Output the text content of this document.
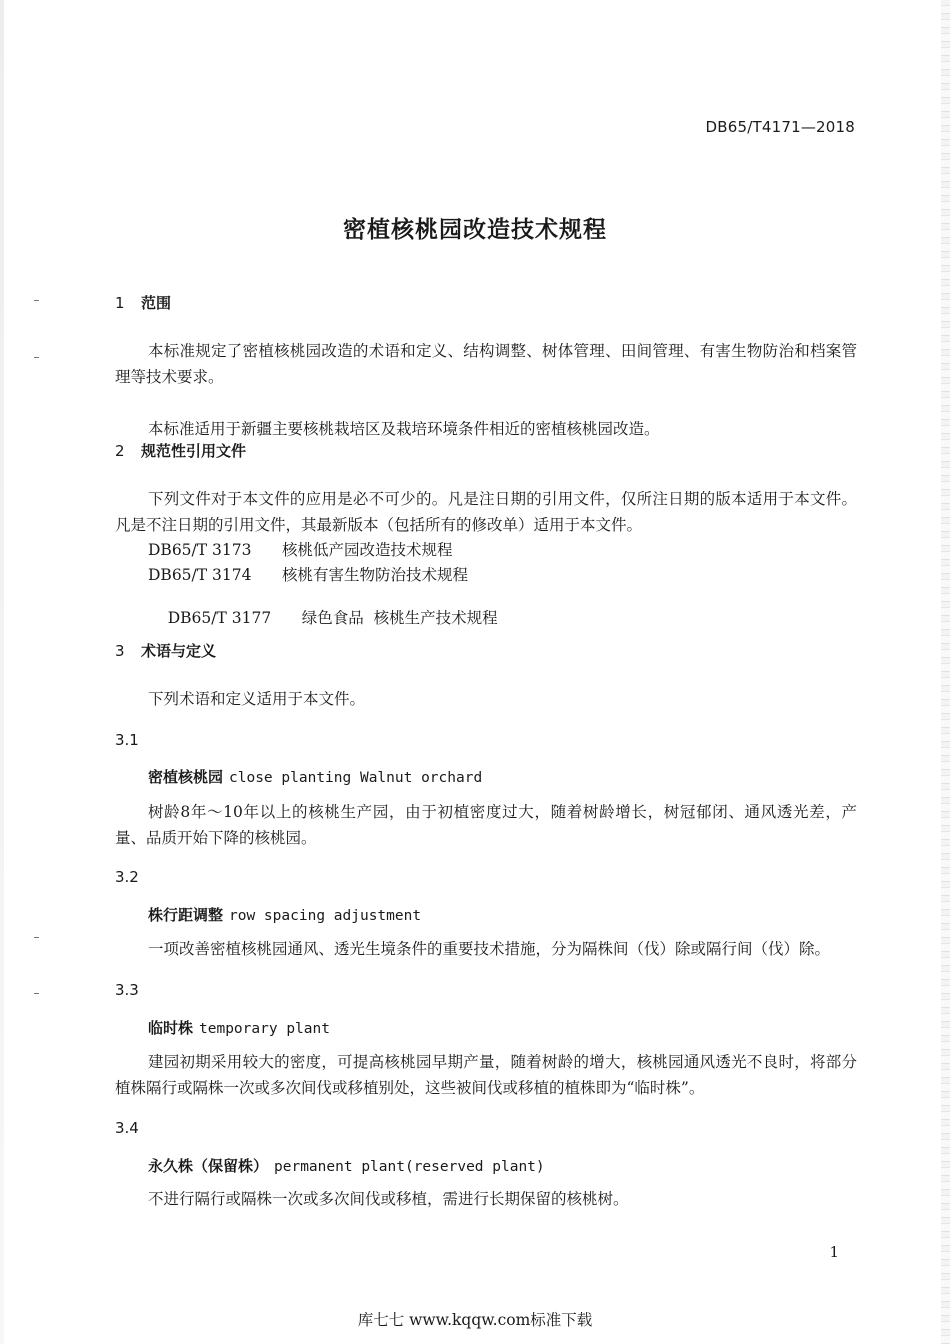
DB65/T4171—2018
密植核桃园改造技术规程
1 范围
本标准规定了密植核桃园改造的术语和定义、结构调整、树体管理、田间管理、有害生物防治和档案管理等技术要求。
本标准适用于新疆主要核桃栽培区及栽培环境条件相近的密植核桃园改造。
2 规范性引用文件
下列文件对于本文件的应用是必不可少的。凡是注日期的引用文件，仅所注日期的版本适用于本文件。凡是不注日期的引用文件，其最新版本（包括所有的修改单）适用于本文件。
DB65/T 3173 核桃低产园改造技术规程
DB65/T 3174 核桃有害生物防治技术规程

DB65/T 3177 绿色食品  核桃生产技术规程

3 术语与定义
下列术语和定义适用于本文件。
3.1
密植核桃园 close planting Walnut orchard
树龄8年～10年以上的核桃生产园，由于初植密度过大，随着树龄增长，树冠郁闭、通风透光差，产量、品质开始下降的核桃园。
3.2
株行距调整 row spacing adjustment
一项改善密植核桃园通风、透光生境条件的重要技术措施，分为隔株间（伐）除或隔行间（伐）除。
3.3
临时株 temporary plant
建园初期采用较大的密度，可提高核桃园早期产量，随着树龄的增大，核桃园通风透光不良时，将部分植株隔行或隔株一次或多次间伐或移植别处，这些被间伐或移植的植株即为“临时株”。
3.4
永久株（保留株） permanent plant(reserved plant)
不进行隔行或隔株一次或多次间伐或移植，需进行长期保留的核桃树。
1
库七七 www.kqqw.com标准下载
